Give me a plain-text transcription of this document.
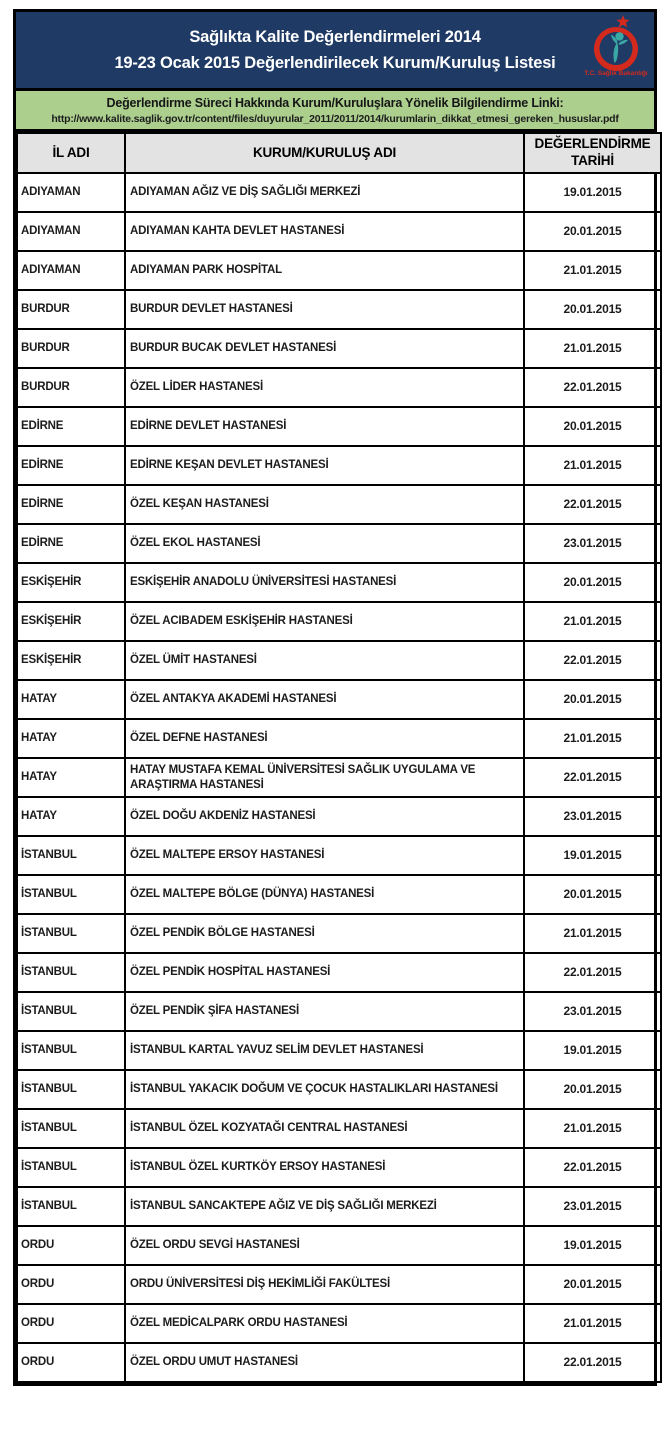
Sağlıkta Kalite Değerlendirmeleri 2014
19-23 Ocak 2015 Değerlendirilecek Kurum/Kuruluş Listesi
T.C. Sağlık Bakanlığı
Değerlendirme Süreci Hakkında Kurum/Kuruluşlara Yönelik Bilgilendirme Linki:
http://www.kalite.saglik.gov.tr/content/files/duyurular_2011/2011/2014/kurumlarin_dikkat_etmesi_gereken_hususlar.pdf
İL ADI	KURUM/KURULUŞ ADI	DEĞERLENDİRME TARİHİ
ADIYAMAN	ADIYAMAN AĞIZ VE DİŞ SAĞLIĞI MERKEZİ	19.01.2015
ADIYAMAN	ADIYAMAN KAHTA DEVLET HASTANESİ	20.01.2015
ADIYAMAN	ADIYAMAN PARK HOSPİTAL	21.01.2015
BURDUR	BURDUR DEVLET HASTANESİ	20.01.2015
BURDUR	BURDUR BUCAK DEVLET HASTANESİ	21.01.2015
BURDUR	ÖZEL LİDER HASTANESİ	22.01.2015
EDİRNE	EDİRNE DEVLET HASTANESİ	20.01.2015
EDİRNE	EDİRNE KEŞAN DEVLET HASTANESİ	21.01.2015
EDİRNE	ÖZEL KEŞAN HASTANESİ	22.01.2015
EDİRNE	ÖZEL EKOL HASTANESİ	23.01.2015
ESKİŞEHİR	ESKİŞEHİR ANADOLU ÜNİVERSİTESİ HASTANESİ	20.01.2015
ESKİŞEHİR	ÖZEL ACIBADEM ESKİŞEHİR HASTANESİ	21.01.2015
ESKİŞEHİR	ÖZEL ÜMİT HASTANESİ	22.01.2015
HATAY	ÖZEL ANTAKYA AKADEMİ HASTANESİ	20.01.2015
HATAY	ÖZEL DEFNE HASTANESİ	21.01.2015
HATAY	HATAY MUSTAFA KEMAL ÜNİVERSİTESİ SAĞLIK UYGULAMA VE ARAŞTIRMA HASTANESİ	22.01.2015
HATAY	ÖZEL DOĞU AKDENİZ HASTANESİ	23.01.2015
İSTANBUL	ÖZEL MALTEPE ERSOY HASTANESİ	19.01.2015
İSTANBUL	ÖZEL MALTEPE BÖLGE (DÜNYA) HASTANESİ	20.01.2015
İSTANBUL	ÖZEL PENDİK BÖLGE HASTANESİ	21.01.2015
İSTANBUL	ÖZEL PENDİK HOSPİTAL HASTANESİ	22.01.2015
İSTANBUL	ÖZEL PENDİK ŞİFA HASTANESİ	23.01.2015
İSTANBUL	İSTANBUL KARTAL YAVUZ SELİM DEVLET HASTANESİ	19.01.2015
İSTANBUL	İSTANBUL YAKACIK DOĞUM VE ÇOCUK HASTALIKLARI HASTANESİ	20.01.2015
İSTANBUL	İSTANBUL ÖZEL KOZYATAĞI CENTRAL HASTANESİ	21.01.2015
İSTANBUL	İSTANBUL ÖZEL KURTKÖY ERSOY HASTANESİ	22.01.2015
İSTANBUL	İSTANBUL SANCAKTEPE AĞIZ VE DİŞ SAĞLIĞI MERKEZİ	23.01.2015
ORDU	ÖZEL ORDU SEVGİ HASTANESİ	19.01.2015
ORDU	ORDU ÜNİVERSİTESİ DİŞ HEKİMLİĞİ FAKÜLTESİ	20.01.2015
ORDU	ÖZEL MEDİCALPARK ORDU HASTANESİ	21.01.2015
ORDU	ÖZEL ORDU UMUT HASTANESİ	22.01.2015
